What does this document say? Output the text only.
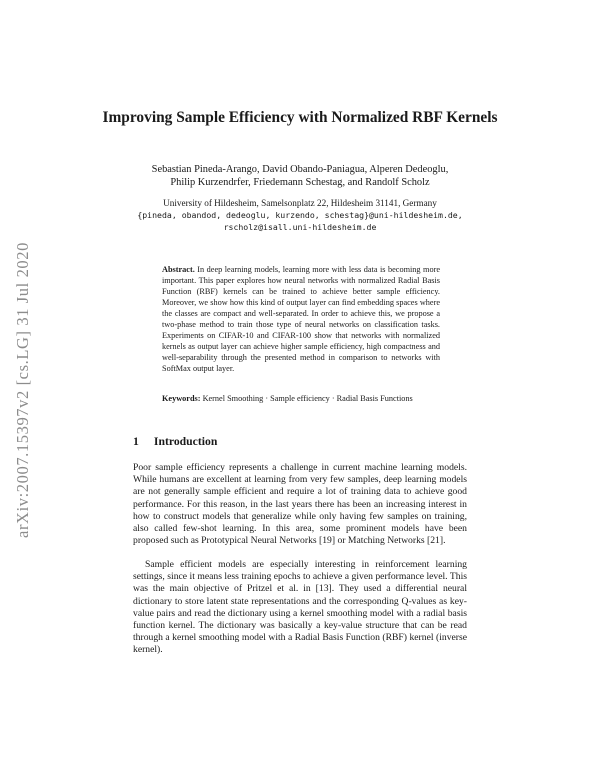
arXiv:2007.15397v2 [cs.LG] 31 Jul 2020
Improving Sample Efficiency with Normalized RBF Kernels
Sebastian Pineda-Arango, David Obando-Paniagua, Alperen Dedeoglu, Philip Kurzendrfer, Friedemann Schestag, and Randolf Scholz
University of Hildesheim, Samelsonplatz 22, Hildesheim 31141, Germany
{pineda, obandod, dedeoglu, kurzendo, schestag}@uni-hildesheim.de,
rscholz@isall.uni-hildesheim.de
Abstract. In deep learning models, learning more with less data is becoming more important. This paper explores how neural networks with normalized Radial Basis Function (RBF) kernels can be trained to achieve better sample efficiency. Moreover, we show how this kind of output layer can find embedding spaces where the classes are compact and well-separated. In order to achieve this, we propose a two-phase method to train those type of neural networks on classification tasks. Experiments on CIFAR-10 and CIFAR-100 show that networks with normalized kernels as output layer can achieve higher sample efficiency, high compactness and well-separability through the presented method in comparison to networks with SoftMax output layer.
Keywords: Kernel Smoothing · Sample efficiency · Radial Basis Functions
1 Introduction

Poor sample efficiency represents a challenge in current machine learning models. While humans are excellent at learning from very few samples, deep learning models are not generally sample efficient and require a lot of training data to achieve good performance. For this reason, in the last years there has been an increasing interest in how to construct models that generalize while only having few samples on training, also called few-shot learning. In this area, some prominent models have been proposed such as Prototypical Neural Networks [19] or Matching Networks [21].

Sample efficient models are especially interesting in reinforcement learning settings, since it means less training epochs to achieve a given performance level. This was the main objective of Pritzel et al. in [13]. They used a differential neural dictionary to store latent state representations and the corresponding Q-values as key-value pairs and read the dictionary using a kernel smoothing model with a radial basis function kernel. The dictionary was basically a key-value structure that can be read through a kernel smoothing model with a Radial Basis Function (RBF) kernel (inverse kernel).
